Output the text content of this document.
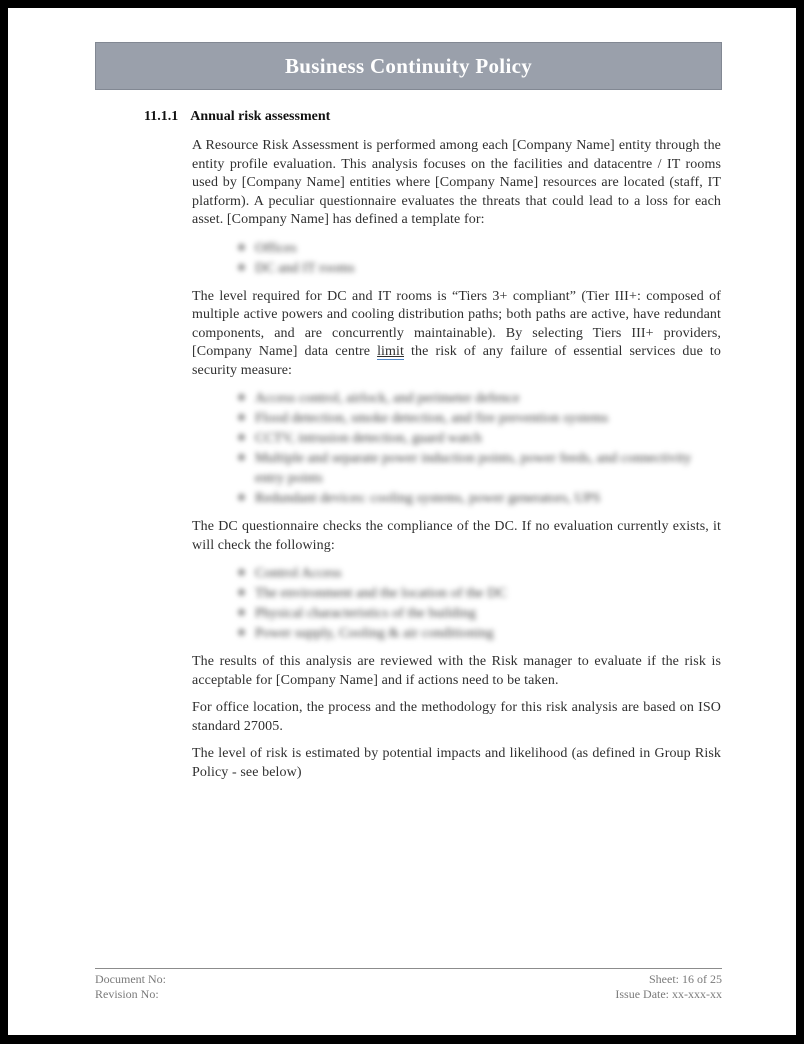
Business Continuity Policy
11.1.1 Annual risk assessment

A Resource Risk Assessment is performed among each [Company Name] entity through the entity profile evaluation. This analysis focuses on the facilities and datacentre / IT rooms used by [Company Name] entities where [Company Name] resources are located (staff, IT platform). A peculiar questionnaire evaluates the threats that could lead to a loss for each asset. [Company Name] has defined a template for:

❖ Offices
❖ DC and IT rooms

The level required for DC and IT rooms is “Tiers 3+ compliant” (Tier III+: composed of multiple active powers and cooling distribution paths; both paths are active, have redundant components, and are concurrently maintainable). By selecting Tiers III+ providers, [Company Name] data centre limit the risk of any failure of essential services due to security measure:

❖ Access control, airlock, and perimeter defence
❖ Flood detection, smoke detection, and fire prevention systems
❖ CCTV, intrusion detection, guard watch
❖ Multiple and separate power induction points, power feeds, and connectivity entry points
❖ Redundant devices: cooling systems, power generators, UPS

The DC questionnaire checks the compliance of the DC. If no evaluation currently exists, it will check the following:

❖ Control Access
❖ The environment and the location of the DC
❖ Physical characteristics of the building
❖ Power supply, Cooling & air conditioning

The results of this analysis are reviewed with the Risk manager to evaluate if the risk is acceptable for [Company Name] and if actions need to be taken.

For office location, the process and the methodology for this risk analysis are based on ISO standard 27005.

The level of risk is estimated by potential impacts and likelihood (as defined in Group Risk Policy - see below)

Document No:
Revision No:
Sheet: 16 of 25
Issue Date: xx-xxx-xx
